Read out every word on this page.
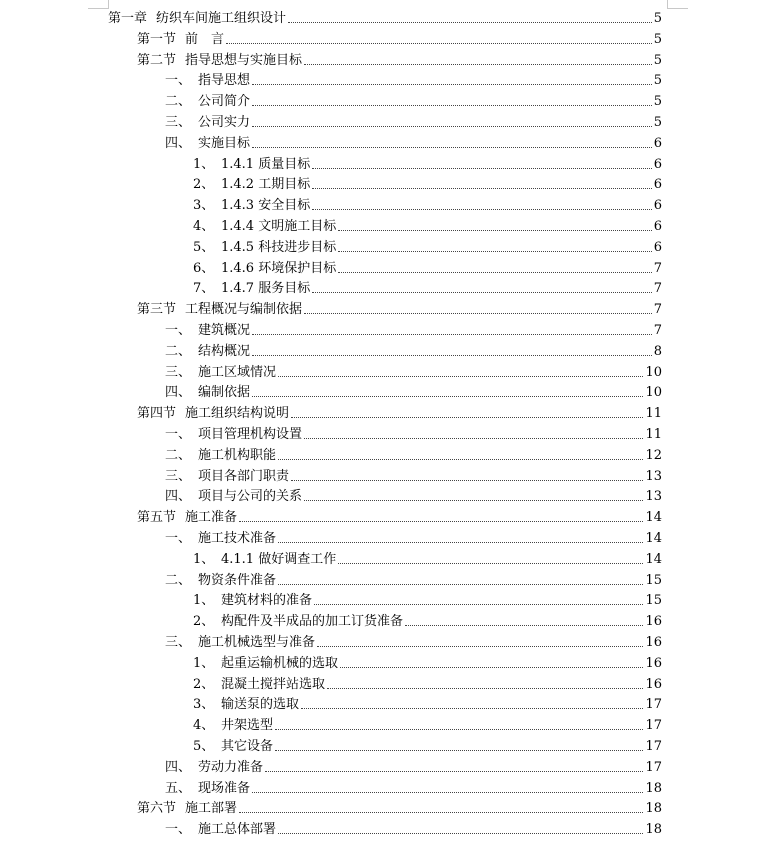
第一章 纺织车间施工组织设计	5
第一节 前　言	5
第二节 指导思想与实施目标	5
一、 指导思想	5
二、 公司简介	5
三、 公司实力	5
四、 实施目标	6
1、 1.4.1 质量目标	6
2、 1.4.2 工期目标	6
3、 1.4.3 安全目标	6
4、 1.4.4 文明施工目标	6
5、 1.4.5 科技进步目标	6
6、 1.4.6 环境保护目标	7
7、 1.4.7 服务目标	7
第三节 工程概况与编制依据	7
一、 建筑概况	7
二、 结构概况	8
三、 施工区域情况	10
四、 编制依据	10
第四节 施工组织结构说明	11
一、 项目管理机构设置	11
二、 施工机构职能	12
三、 项目各部门职责	13
四、 项目与公司的关系	13
第五节 施工准备	14
一、 施工技术准备	14
1、 4.1.1 做好调查工作	14
二、 物资条件准备	15
1、 建筑材料的准备	15
2、 构配件及半成品的加工订货准备	16
三、 施工机械选型与准备	16
1、 起重运输机械的选取	16
2、 混凝土搅拌站选取	16
3、 输送泵的选取	17
4、 井架选型	17
5、 其它设备	17
四、 劳动力准备	17
五、 现场准备	18
第六节 施工部署	18
一、 施工总体部署	18
